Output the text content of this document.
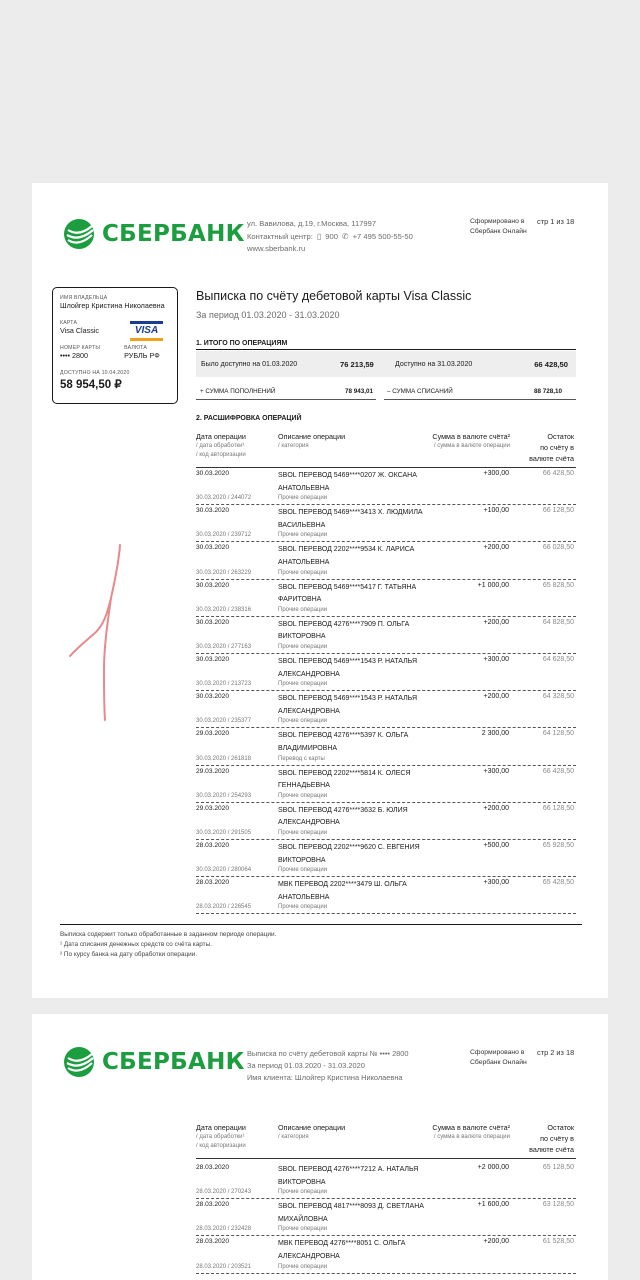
СБЕРБАНК ул. Вавилова, д.19, г.Москва, 117997
Контактный центр: ▯ 900 ✆ +7 495 500-55-50
www.sberbank.ru
Сформировано в
Сбербанк Онлайн
стр 1 из 18
ИМЯ ВЛАДЕЛЬЦА
Шлойгер Кристина Николаевна
КАРТА
Visa Classic	VISA
НОМЕР КАРТЫ
•••• 2800
ВАЛЮТА
РУБЛЬ РФ
ДОСТУПНО НА 10.04.2020
58 954,50 ₽
Выписка по счёту дебетовой карты Visa Classic
За период 01.03.2020 - 31.03.2020
1. ИТОГО ПО ОПЕРАЦИЯМ
Было доступно на 01.03.2020	76 213,59	Доступно на 31.03.2020	66 428,50
+ СУММА ПОПОЛНЕНИЙ	78 943,01 – СУММА СПИСАНИЙ	88 728,10
2. РАСШИФРОВКА ОПЕРАЦИЙ
Дата операции
/ дата обработки¹
/ код авторизации
Описание операции
/ категория
Сумма в валюте счёта²
/ сумма в валюте операции
Остаток
по счёту в
валюте счёта
30.03.2020
30.03.2020 / 244072
SBOL ПЕРЕВОД 5469****0207 Ж. ОКСАНА
АНАТОЛЬЕВНА
Прочие операции
+300,00	66 428,50
30.03.2020
30.03.2020 / 239712
SBOL ПЕРЕВОД 5469****3413 Х. ЛЮДМИЛА
ВАСИЛЬЕВНА
Прочие операции
+100,00	66 128,50
30.03.2020
30.03.2020 / 263229
SBOL ПЕРЕВОД 2202****9534 К. ЛАРИСА
АНАТОЛЬЕВНА
Прочие операции
+200,00	66 028,50
30.03.2020
30.03.2020 / 238316
SBOL ПЕРЕВОД 5469****5417 Г. ТАТЬЯНА
ФАРИТОВНА
Прочие операции
+1 000,00	65 828,50
30.03.2020
30.03.2020 / 277163
SBOL ПЕРЕВОД 4276****7909 П. ОЛЬГА
ВИКТОРОВНА
Прочие операции
+200,00	64 828,50
30.03.2020
30.03.2020 / 213723
SBOL ПЕРЕВОД 5469****1543 Р. НАТАЛЬЯ
АЛЕКСАНДРОВНА
Прочие операции
+300,00	64 628,50
30.03.2020
30.03.2020 / 235377
SBOL ПЕРЕВОД 5469****1543 Р. НАТАЛЬЯ
АЛЕКСАНДРОВНА
Прочие операции
+200,00	64 328,50
29.03.2020
30.03.2020 / 261818
SBOL ПЕРЕВОД 4276****5397 К. ОЛЬГА
ВЛАДИМИРОВНА
Перевод с карты
2 300,00	64 128,50
29.03.2020
30.03.2020 / 254293
SBOL ПЕРЕВОД 2202****5814 К. ОЛЕСЯ
ГЕННАДЬЕВНА
Прочие операции
+300,00	66 428,50
29.03.2020
30.03.2020 / 291505
SBOL ПЕРЕВОД 4276****3632 Б. ЮЛИЯ
АЛЕКСАНДРОВНА
Прочие операции
+200,00	66 128,50
28.03.2020
30.03.2020 / 280064
SBOL ПЕРЕВОД 2202****9620 С. ЕВГЕНИЯ
ВИКТОРОВНА
Прочие операции
+500,00	65 928,50
28.03.2020
28.03.2020 / 226545
МВК ПЕРЕВОД 2202****3479 Ш. ОЛЬГА
АНАТОЛЬЕВНА
Прочие операции
+300,00	65 428,50
Выписка содержит только обработанные в заданном периоде операции.
¹ Дата списания денежных средств со счёта карты.
² По курсу банка на дату обработки операции.
СБЕРБАНК Выписка по счёту дебетовой карты № •••• 2800
За период 01.03.2020 - 31.03.2020
Имя клиента: Шлойгер Кристина Николаевна
Сформировано в
Сбербанк Онлайн
стр 2 из 18
Дата операции
/ дата обработки¹
/ код авторизации
Описание операции
/ категория
Сумма в валюте счёта²
/ сумма в валюте операции
Остаток
по счёту в
валюте счёта
28.03.2020
28.03.2020 / 270243
SBOL ПЕРЕВОД 4276****7212 А. НАТАЛЬЯ
ВИКТОРОВНА
Прочие операции
+2 000,00	65 128,50
28.03.2020
28.03.2020 / 232428
SBOL ПЕРЕВОД 4817****8093 Д. СВЕТЛАНА
МИХАЙЛОВНА
Прочие операции
+1 600,00	63 128,50
28.03.2020
28.03.2020 / 203521
МВК ПЕРЕВОД 4276****8051 С. ОЛЬГА
АЛЕКСАНДРОВНА
Прочие операции
+200,00	61 528,50
